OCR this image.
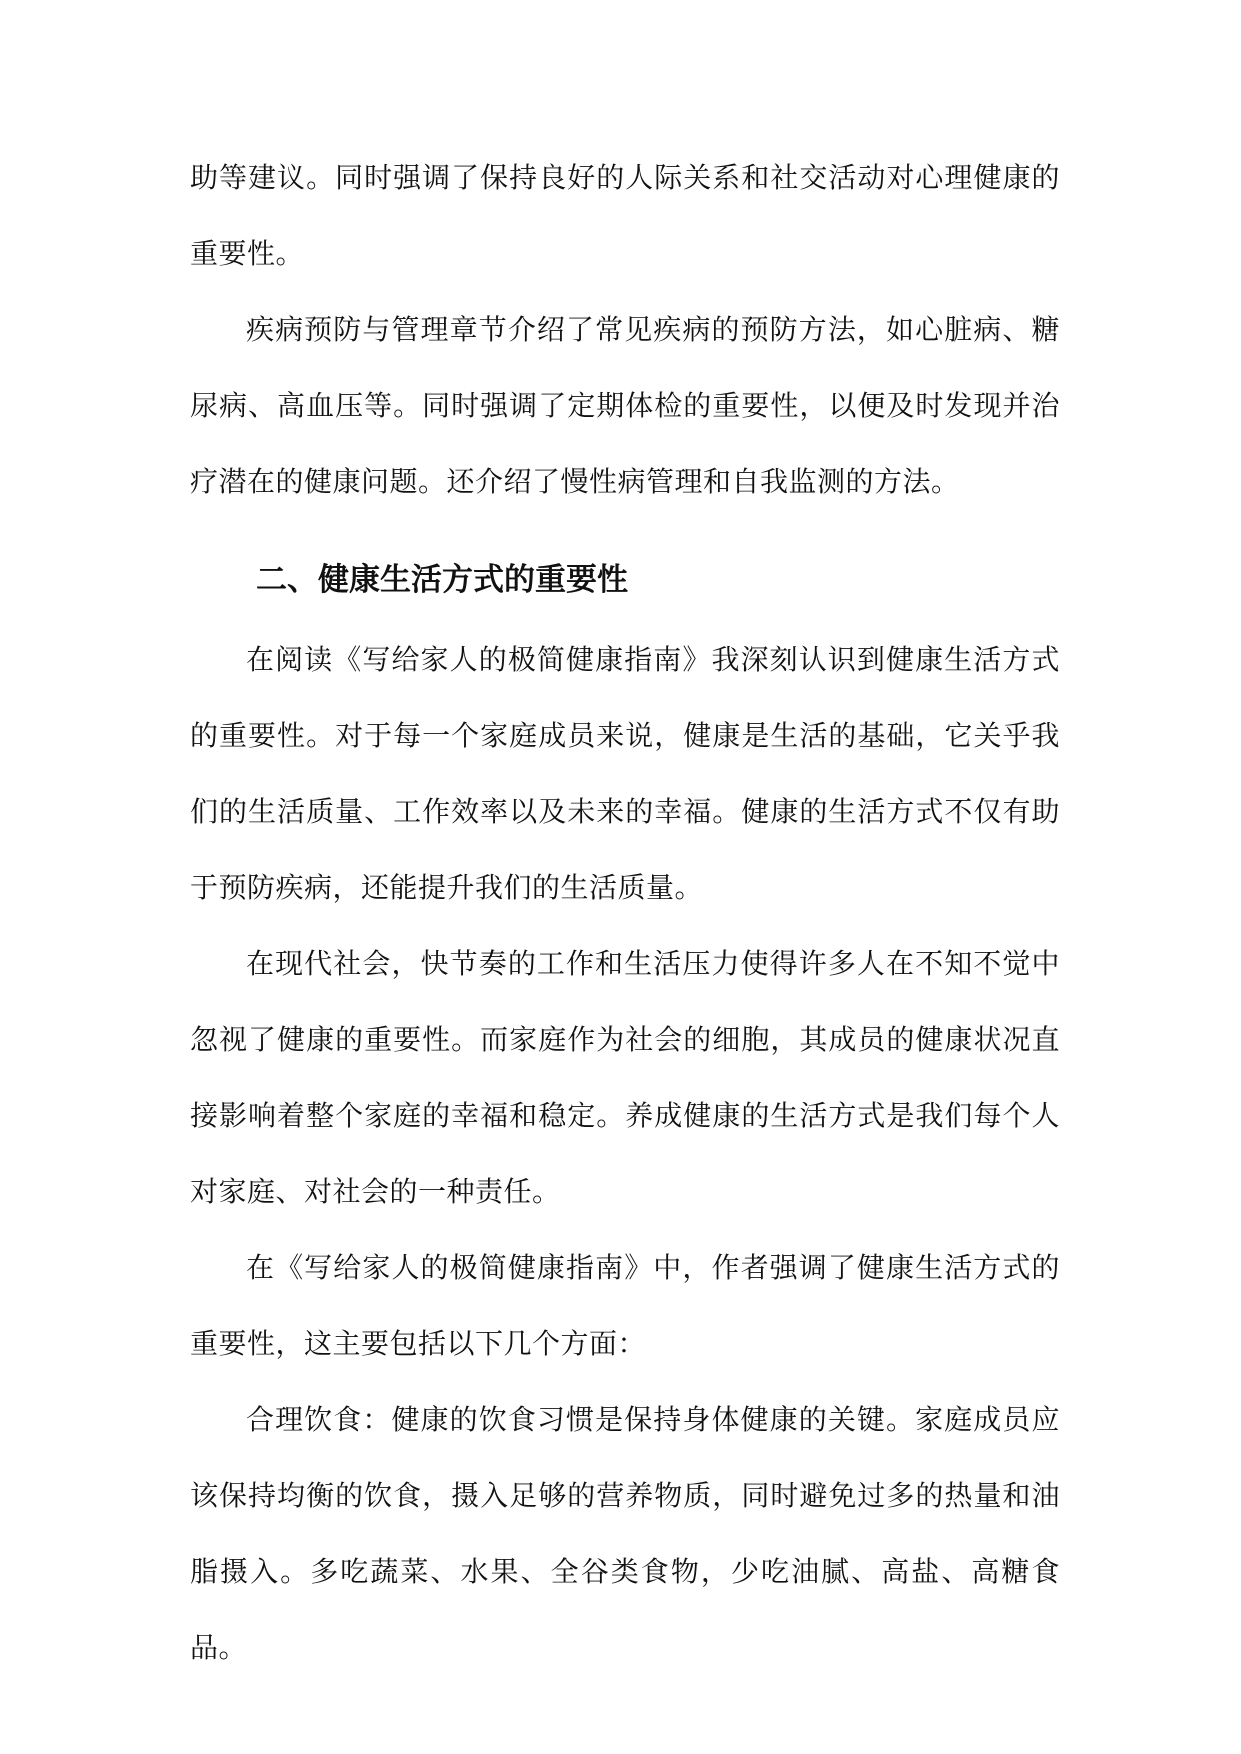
助等建议。同时强调了保持良好的人际关系和社交活动对心理健康的重要性。

疾病预防与管理章节介绍了常见疾病的预防方法，如心脏病、糖尿病、高血压等。同时强调了定期体检的重要性，以便及时发现并治疗潜在的健康问题。还介绍了慢性病管理和自我监测的方法。

二、健康生活方式的重要性

在阅读《写给家人的极简健康指南》我深刻认识到健康生活方式的重要性。对于每一个家庭成员来说，健康是生活的基础，它关乎我们的生活质量、工作效率以及未来的幸福。健康的生活方式不仅有助于预防疾病，还能提升我们的生活质量。

在现代社会，快节奏的工作和生活压力使得许多人在不知不觉中忽视了健康的重要性。而家庭作为社会的细胞，其成员的健康状况直接影响着整个家庭的幸福和稳定。养成健康的生活方式是我们每个人对家庭、对社会的一种责任。

在《写给家人的极简健康指南》中，作者强调了健康生活方式的重要性，这主要包括以下几个方面：

合理饮食：健康的饮食习惯是保持身体健康的关键。家庭成员应该保持均衡的饮食，摄入足够的营养物质，同时避免过多的热量和油脂摄入。多吃蔬菜、水果、全谷类食物，少吃油腻、高盐、高糖食品。
